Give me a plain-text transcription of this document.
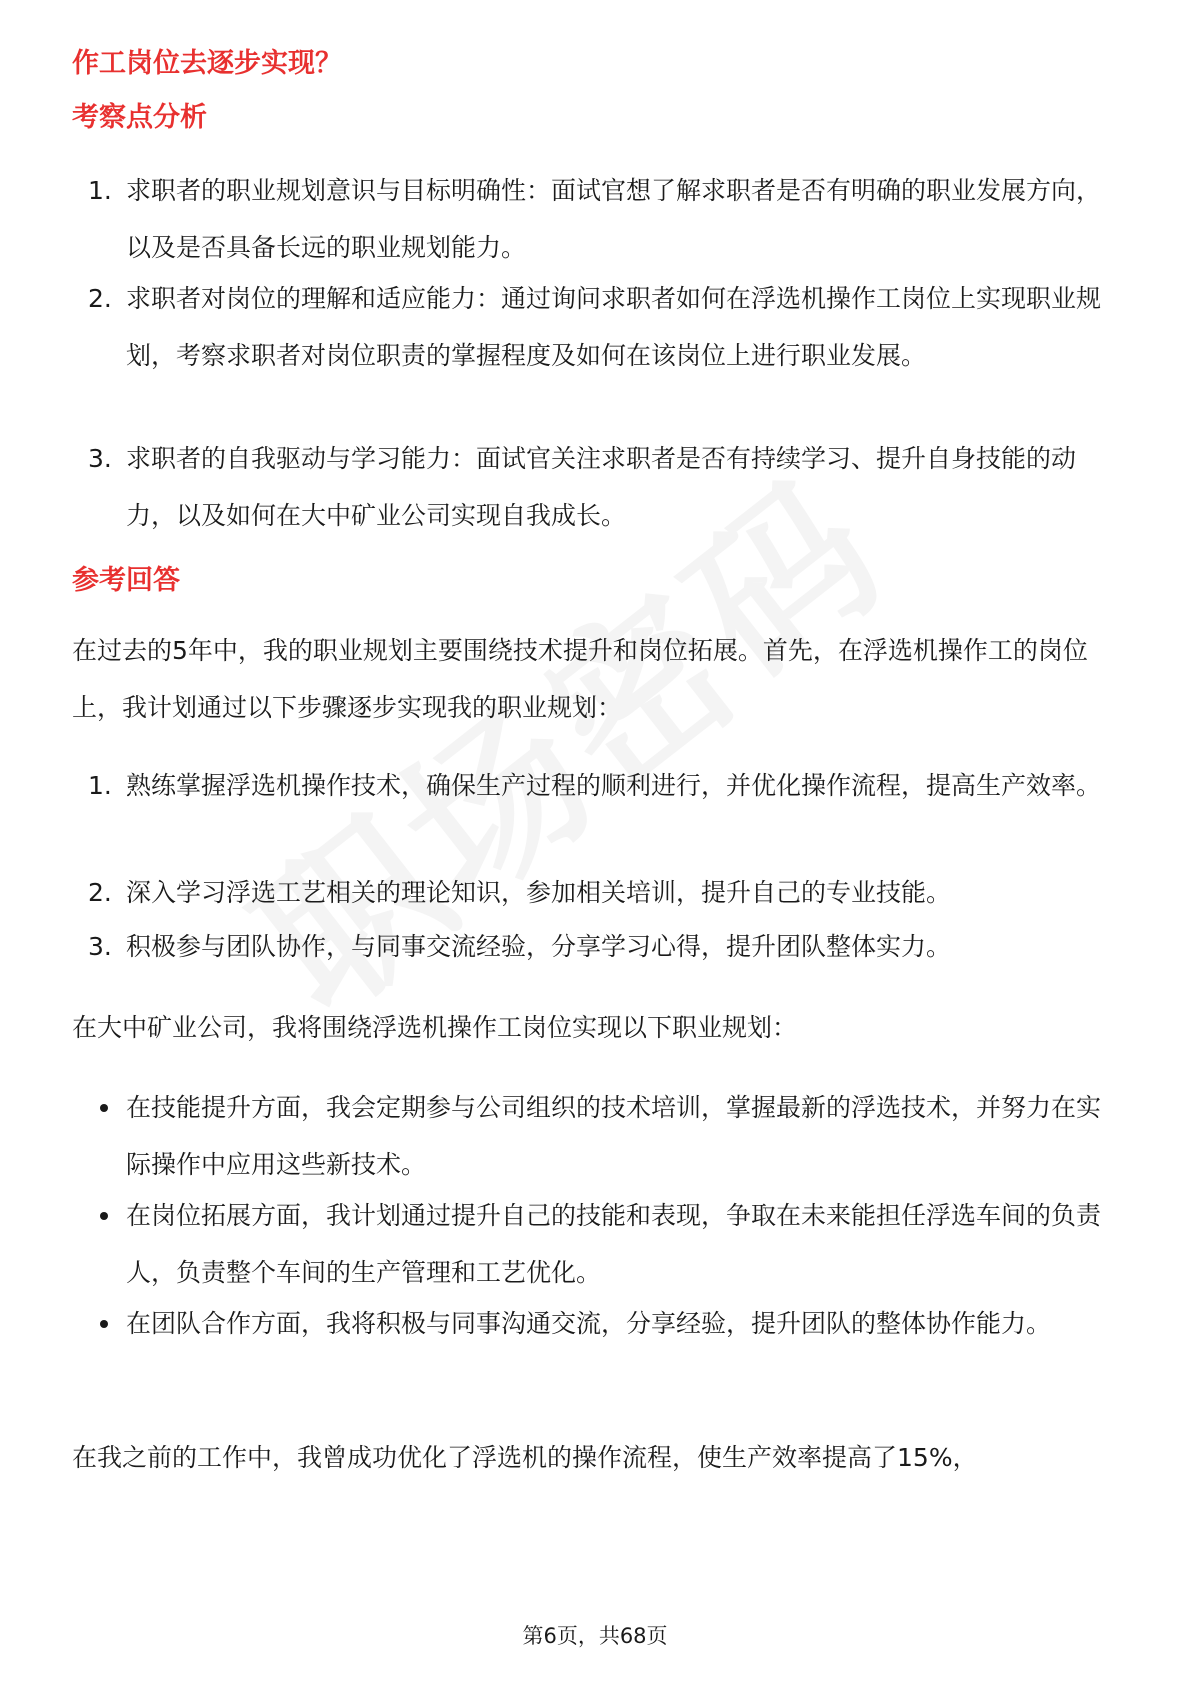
作工岗位去逐步实现？
考察点分析
1. 求职者的职业规划意识与目标明确性：面试官想了解求职者是否有明确的职业发展方向，以及是否具备长远的职业规划能力。
2. 求职者对岗位的理解和适应能力：通过询问求职者如何在浮选机操作工岗位上实现职业规划，考察求职者对岗位职责的掌握程度及如何在该岗位上进行职业发展。
3. 求职者的自我驱动与学习能力：面试官关注求职者是否有持续学习、提升自身技能的动力，以及如何在大中矿业公司实现自我成长。
参考回答
在过去的5年中，我的职业规划主要围绕技术提升和岗位拓展。首先，在浮选机操作工的岗位上，我计划通过以下步骤逐步实现我的职业规划：
1. 熟练掌握浮选机操作技术，确保生产过程的顺利进行，并优化操作流程，提高生产效率。
2. 深入学习浮选工艺相关的理论知识，参加相关培训，提升自己的专业技能。
3. 积极参与团队协作，与同事交流经验，分享学习心得，提升团队整体实力。
在大中矿业公司，我将围绕浮选机操作工岗位实现以下职业规划：
在技能提升方面，我会定期参与公司组织的技术培训，掌握最新的浮选技术，并努力在实际操作中应用这些新技术。
在岗位拓展方面，我计划通过提升自己的技能和表现，争取在未来能担任浮选车间的负责人，负责整个车间的生产管理和工艺优化。
在团队合作方面，我将积极与同事沟通交流，分享经验，提升团队的整体协作能力。
在我之前的工作中，我曾成功优化了浮选机的操作流程，使生产效率提高了15%，
第6页，共68页
